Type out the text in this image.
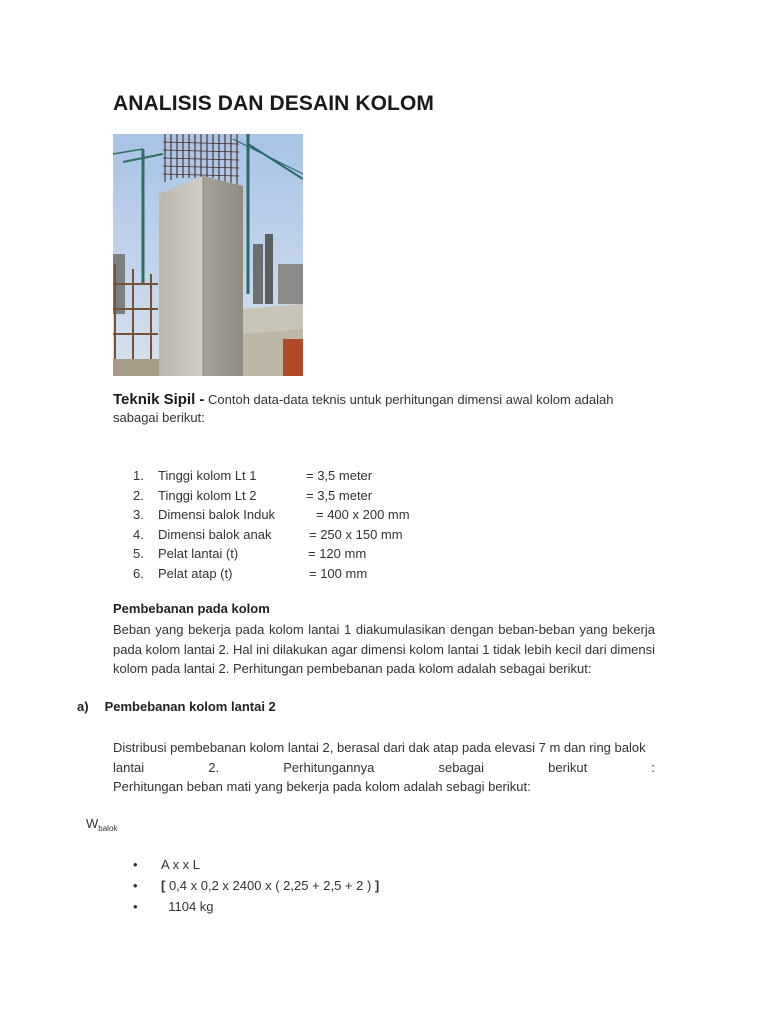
ANALISIS DAN DESAIN KOLOM
Teknik Sipil - Contoh data-data teknis untuk perhitungan dimensi awal kolom adalah sabagai berikut:
1. Tinggi kolom Lt 1	= 3,5 meter
2. Tinggi kolom Lt 2	= 3,5 meter
3. Dimensi balok Induk	= 400 x 200 mm
4. Dimensi balok anak	= 250 x 150 mm
5. Pelat lantai (t)	= 120 mm
6. Pelat atap (t)	= 100 mm
Pembebanan pada kolom
Beban yang bekerja pada kolom lantai 1 diakumulasikan dengan beban-beban yang bekerja pada kolom lantai 2. Hal ini dilakukan agar dimensi kolom lantai 1 tidak lebih kecil dari dimensi kolom pada lantai 2. Perhitungan pembebanan pada kolom adalah sebagai berikut:
a) Pembebanan kolom lantai 2
Distribusi pembebanan kolom lantai 2, berasal dari dak atap pada elevasi 7 m dan ring balok
lantai	2.	Perhitungannya	sebagai	berikut	:
Perhitungan beban mati yang bekerja pada kolom adalah sebagi berikut:
$W_{balok}$
• A x x L
• [ 0,4 x 0,2 x 2400 x ( 2,25 + 2,5 + 2 ) ]
• 1104 kg
